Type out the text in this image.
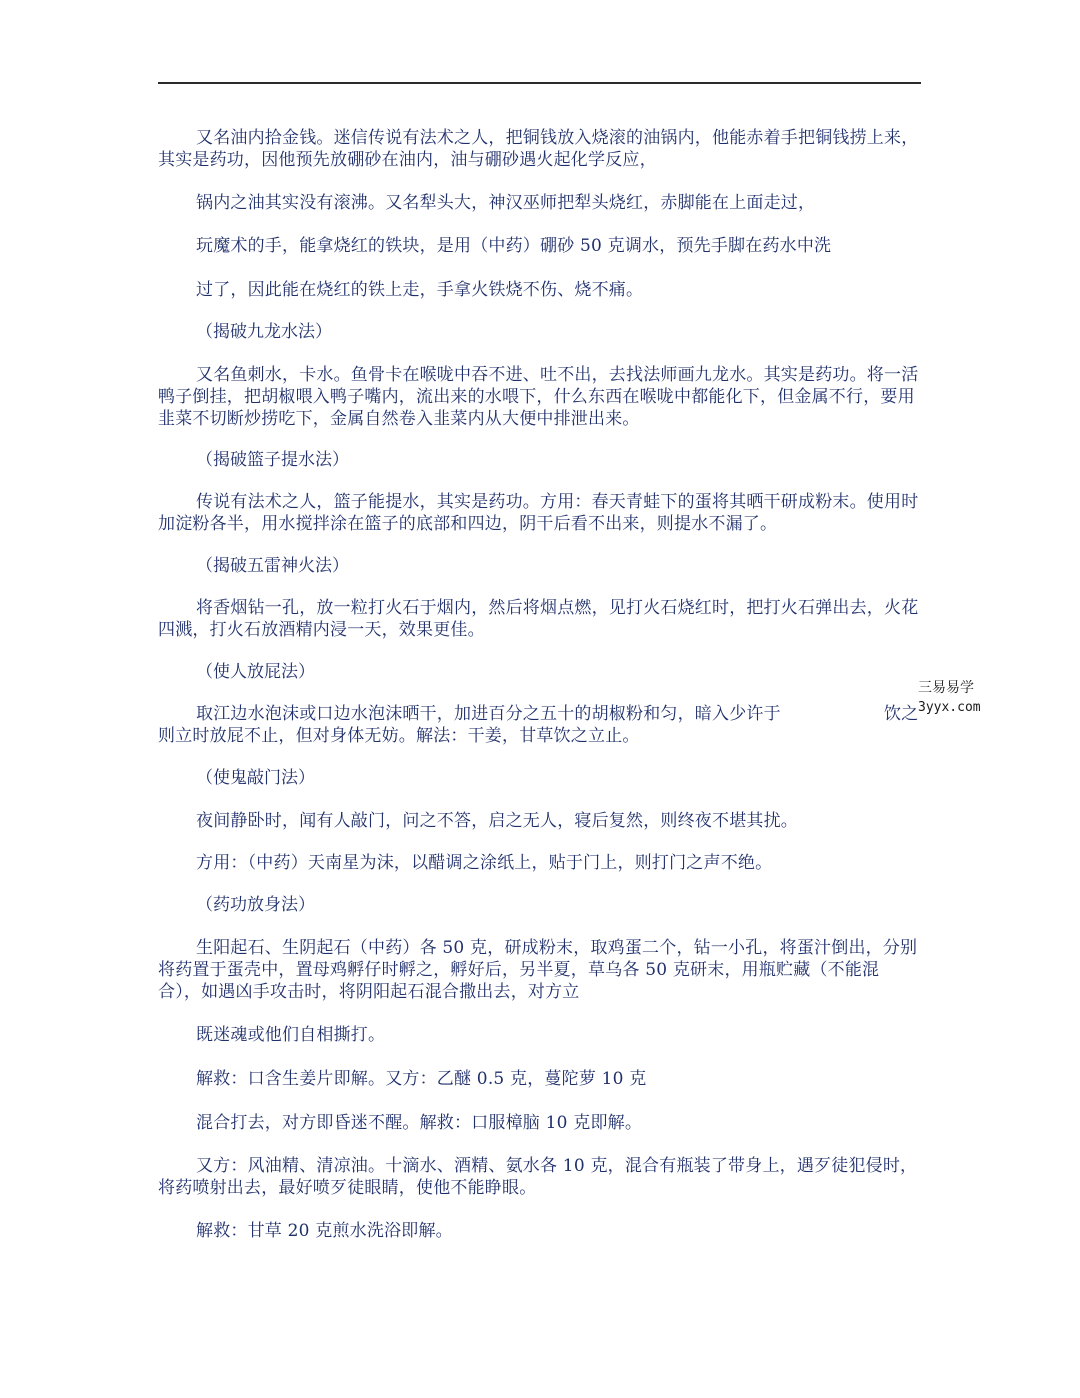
又名油内拾金钱。迷信传说有法术之人，把铜钱放入烧滚的油锅内，他能赤着手把铜钱捞上来，其实是药功，因他预先放硼砂在油内，油与硼砂遇火起化学反应，

锅内之油其实没有滚沸。又名犁头大，神汉巫师把犁头烧红，赤脚能在上面走过，

玩魔术的手，能拿烧红的铁块，是用（中药）硼砂 50 克调水，预先手脚在药水中洗

过了，因此能在烧红的铁上走，手拿火铁烧不伤、烧不痛。

（揭破九龙水法）

又名鱼刺水，卡水。鱼骨卡在喉咙中吞不进、吐不出，去找法师画九龙水。其实是药功。将一活鸭子倒挂，把胡椒喂入鸭子嘴内，流出来的水喂下，什么东西在喉咙中都能化下，但金属不行，要用韭菜不切断炒捞吃下，金属自然卷入韭菜内从大便中排泄出来。

（揭破篮子提水法）

传说有法术之人，篮子能提水，其实是药功。方用：春天青蛙下的蛋将其晒干研成粉末。使用时加淀粉各半，用水搅拌涂在篮子的底部和四边，阴干后看不出来，则提水不漏了。

（揭破五雷神火法）

将香烟钻一孔，放一粒打火石于烟内，然后将烟点燃，见打火石烧红时，把打火石弹出去，火花四溅，打火石放酒精内浸一天，效果更佳。

（使人放屁法）

取江边水泡沫或口边水泡沫晒干，加进百分之五十的胡椒粉和匀，暗入少许于　　　　　　饮之则立时放屁不止，但对身体无妨。解法：干姜，甘草饮之立止。

（使鬼敲门法）

夜间静卧时，闻有人敲门，问之不答，启之无人，寝后复然，则终夜不堪其扰。

方用：（中药）天南星为沫，以醋调之涂纸上，贴于门上，则打门之声不绝。

（药功放身法）

生阳起石、生阴起石（中药）各 50 克，研成粉末，取鸡蛋二个，钻一小孔，将蛋汁倒出，分别将药置于蛋壳中，置母鸡孵仔时孵之，孵好后，另半夏，草乌各 50 克研末，用瓶贮藏（不能混合），如遇凶手攻击时，将阴阳起石混合撒出去，对方立

既迷魂或他们自相撕打。

解救：口含生姜片即解。又方：乙醚 0.5 克，蔓陀萝 10 克

混合打去，对方即昏迷不醒。解救：口服樟脑 10 克即解。

又方：风油精、清凉油。十滴水、酒精、氨水各 10 克，混合有瓶装了带身上，遇歹徒犯侵时，将药喷射出去，最好喷歹徒眼睛，使他不能睁眼。

解救：甘草 20 克煎水洗浴即解。

三易易学
3yyx.com
